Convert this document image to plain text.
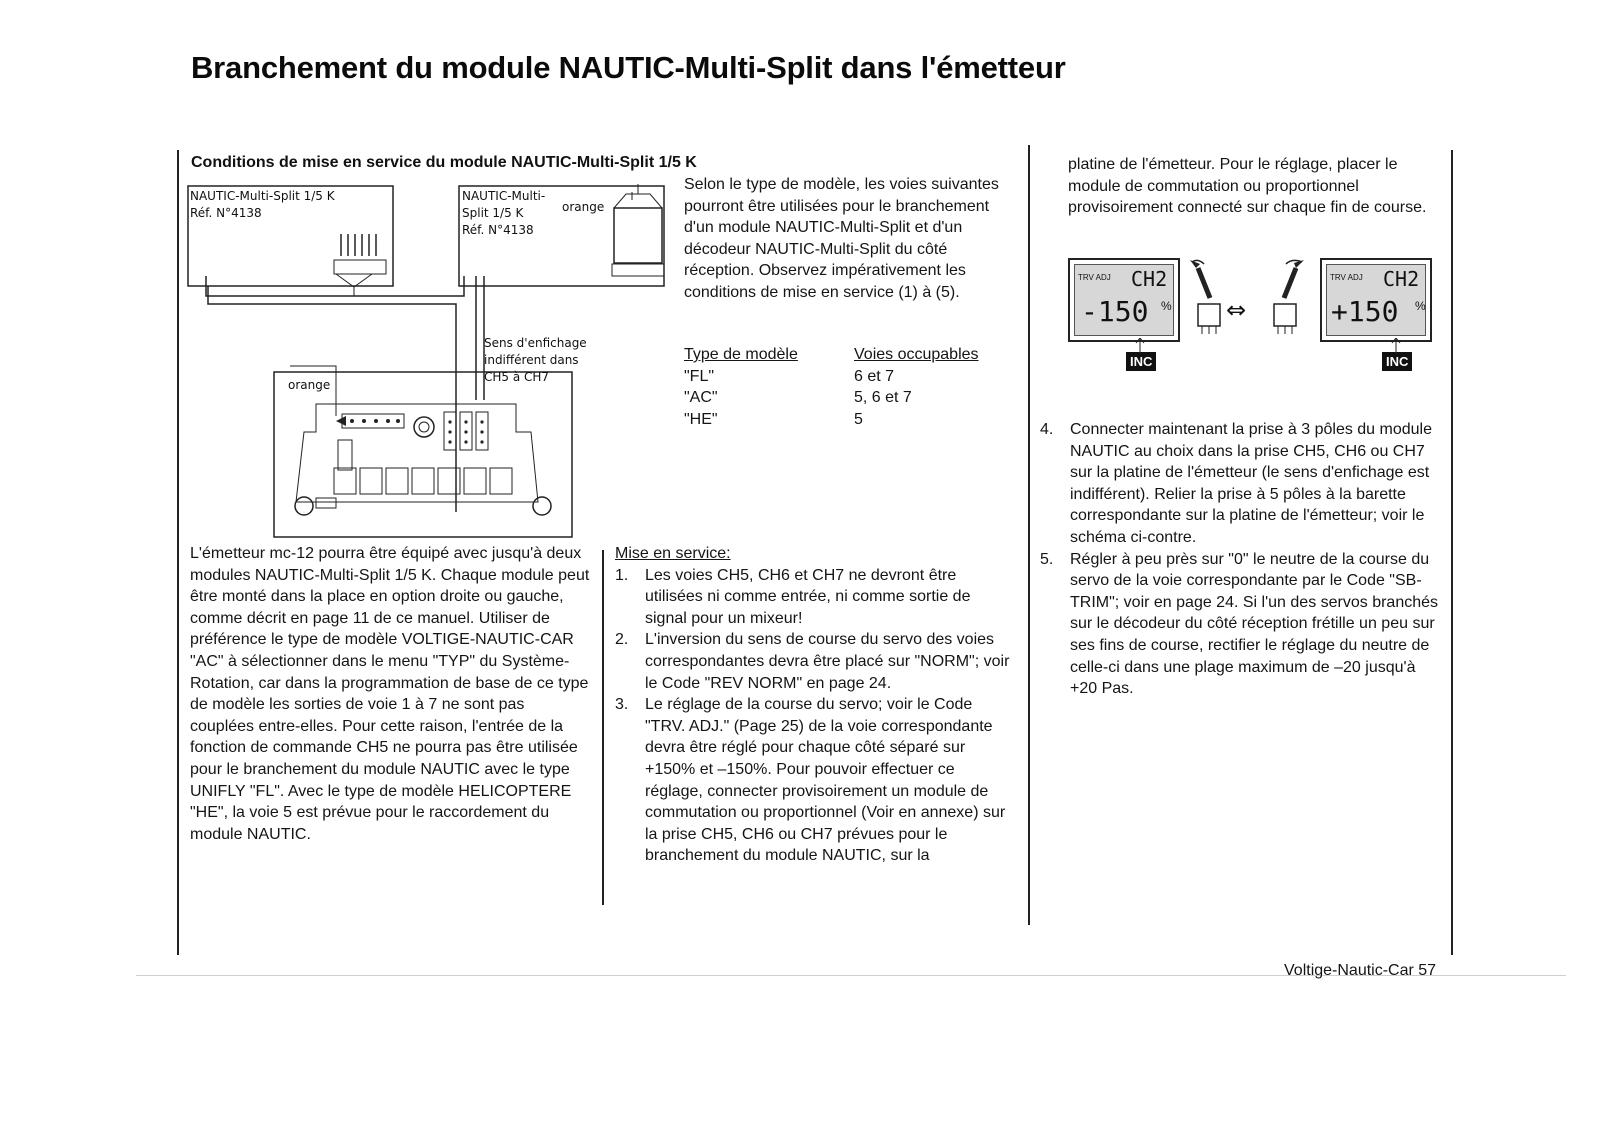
Branchement du module NAUTIC-Multi-Split dans l'émetteur
Conditions de mise en service du module NAUTIC-Multi-Split 1/5 K
NAUTIC-Multi-Split 1/5 K
Réf. N°4138
NAUTIC-Multi-
Split 1/5 K
Réf. N°4138
orange
orange
Sens d'enfichage
indifférent dans
CH5 à CH7
Selon le type de modèle, les voies suivantes pourront être utilisées pour le branchement d'un module NAUTIC-Multi-Split et d'un décodeur NAUTIC-Multi-Split du côté réception. Observez impérativement les conditions de mise en service (1) à (5).
Type de modèle	Voies occupables
"FL"	6 et 7
"AC"	5, 6 et 7
"HE"	5
L'émetteur mc-12 pourra être équipé avec jusqu'à deux modules NAUTIC-Multi-Split 1/5 K. Chaque module peut être monté dans la place en option droite ou gauche, comme décrit en page 11 de ce manuel. Utiliser de préférence le type de modèle VOLTIGE-NAUTIC-CAR "AC" à sélectionner dans le menu "TYP" du Système-Rotation, car dans la programmation de base de ce type de modèle les sorties de voie 1 à 7 ne sont pas couplées entre-elles. Pour cette raison, l'entrée de la fonction de commande CH5 ne pourra pas être utilisée pour le branchement du module NAUTIC avec le type UNIFLY "FL". Avec le type de modèle HELICOPTERE "HE", la voie 5 est prévue pour le raccordement du module NAUTIC.
Mise en service:
1. Les voies CH5, CH6 et CH7 ne devront être utilisées ni comme entrée, ni comme sortie de signal pour un mixeur!
2. L'inversion du sens de course du servo des voies correspondantes devra être placé sur "NORM"; voir le Code "REV NORM" en page 24.
3. Le réglage de la course du servo; voir le Code "TRV. ADJ." (Page 25) de la voie correspondante devra être réglé pour chaque côté séparé sur +150% et –150%. Pour pouvoir effectuer ce réglage, connecter provisoirement un module de commutation ou proportionnel (Voir en annexe) sur la prise CH5, CH6 ou CH7 prévues pour le branchement du module NAUTIC, sur la
platine de l'émetteur. Pour le réglage, placer le module de commutation ou proportionnel provisoirement connecté sur chaque fin de course.
TRV ADJ CH2
-150 %
INC
⇔
TRV ADJ CH2
+150 %
INC
4. Connecter maintenant la prise à 3 pôles du module NAUTIC au choix dans la prise CH5, CH6 ou CH7 sur la platine de l'émetteur (le sens d'enfichage est indifférent). Relier la prise à 5 pôles à la barette correspondante sur la platine de l'émetteur; voir le schéma ci-contre.
5. Régler à peu près sur "0" le neutre de la course du servo de la voie correspondante par le Code "SB-TRIM"; voir en page 24. Si l'un des servos branchés sur le décodeur du côté réception frétille un peu sur ses fins de course, rectifier le réglage du neutre de celle-ci dans une plage maximum de –20 jusqu'à +20 Pas.
Voltige-Nautic-Car 57
